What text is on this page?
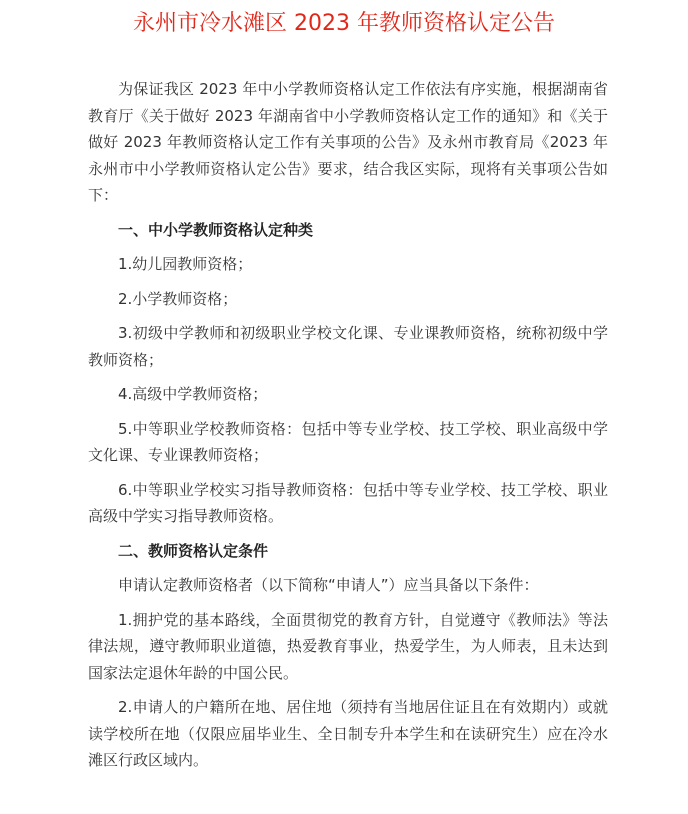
永州市冷水滩区 2023 年教师资格认定公告

为保证我区 2023 年中小学教师资格认定工作依法有序实施，根据湖南省教育厅《关于做好 2023 年湖南省中小学教师资格认定工作的通知》和《关于做好 2023 年教师资格认定工作有关事项的公告》及永州市教育局《2023 年永州市中小学教师资格认定公告》要求，结合我区实际，现将有关事项公告如下：

一、中小学教师资格认定种类

1.幼儿园教师资格；

2.小学教师资格；

3.初级中学教师和初级职业学校文化课、专业课教师资格，统称初级中学教师资格；

4.高级中学教师资格；

5.中等职业学校教师资格：包括中等专业学校、技工学校、职业高级中学文化课、专业课教师资格；

6.中等职业学校实习指导教师资格：包括中等专业学校、技工学校、职业高级中学实习指导教师资格。

二、教师资格认定条件

申请认定教师资格者（以下简称“申请人”）应当具备以下条件：

1.拥护党的基本路线，全面贯彻党的教育方针，自觉遵守《教师法》等法律法规，遵守教师职业道德，热爱教育事业，热爱学生，为人师表，且未达到国家法定退休年龄的中国公民。

2.申请人的户籍所在地、居住地（须持有当地居住证且在有效期内）或就读学校所在地（仅限应届毕业生、全日制专升本学生和在读研究生）应在冷水滩区行政区域内。
